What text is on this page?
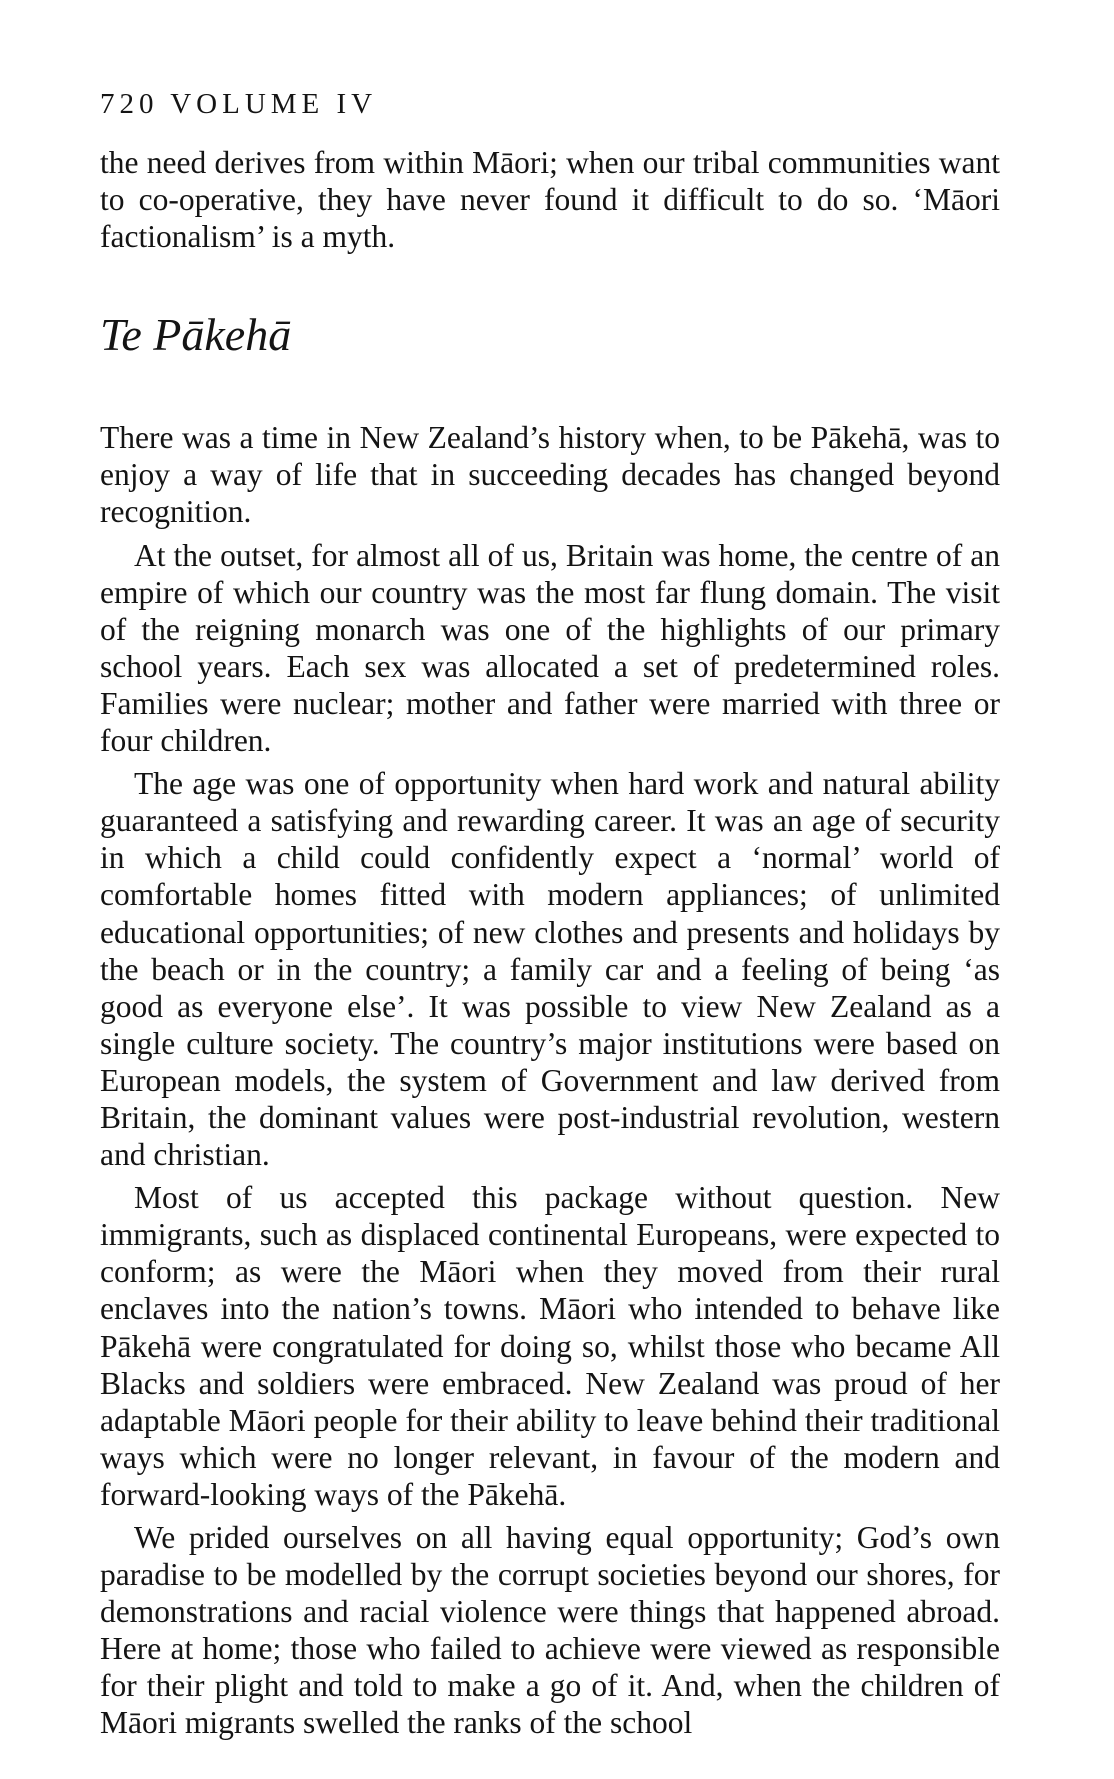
720 VOLUME IV

the need derives from within Māori; when our tribal communities want to co-operative, they have never found it difficult to do so. ‘Māori factionalism’ is a myth.

Te Pākehā

There was a time in New Zealand’s history when, to be Pākehā, was to enjoy a way of life that in succeeding decades has changed beyond recognition.

At the outset, for almost all of us, Britain was home, the centre of an empire of which our country was the most far flung domain. The visit of the reigning monarch was one of the highlights of our primary school years. Each sex was allocated a set of predetermined roles. Families were nuclear; mother and father were married with three or four children.

The age was one of opportunity when hard work and natural ability guaranteed a satisfying and rewarding career. It was an age of security in which a child could confidently expect a ‘normal’ world of comfortable homes fitted with modern appliances; of unlimited educational opportunities; of new clothes and presents and holidays by the beach or in the country; a family car and a feeling of being ‘as good as everyone else’. It was possible to view New Zealand as a single culture society. The country’s major institutions were based on European models, the system of Government and law derived from Britain, the dominant values were post-industrial revolution, western and christian.

Most of us accepted this package without question. New immigrants, such as displaced continental Europeans, were expected to conform; as were the Māori when they moved from their rural enclaves into the nation’s towns. Māori who intended to behave like Pākehā were congratulated for doing so, whilst those who became All Blacks and soldiers were embraced. New Zealand was proud of her adaptable Māori people for their ability to leave behind their traditional ways which were no longer relevant, in favour of the modern and forward-looking ways of the Pākehā.

We prided ourselves on all having equal opportunity; God’s own paradise to be modelled by the corrupt societies beyond our shores, for demonstrations and racial violence were things that happened abroad. Here at home; those who failed to achieve were viewed as responsible for their plight and told to make a go of it. And, when the children of Māori migrants swelled the ranks of the school
